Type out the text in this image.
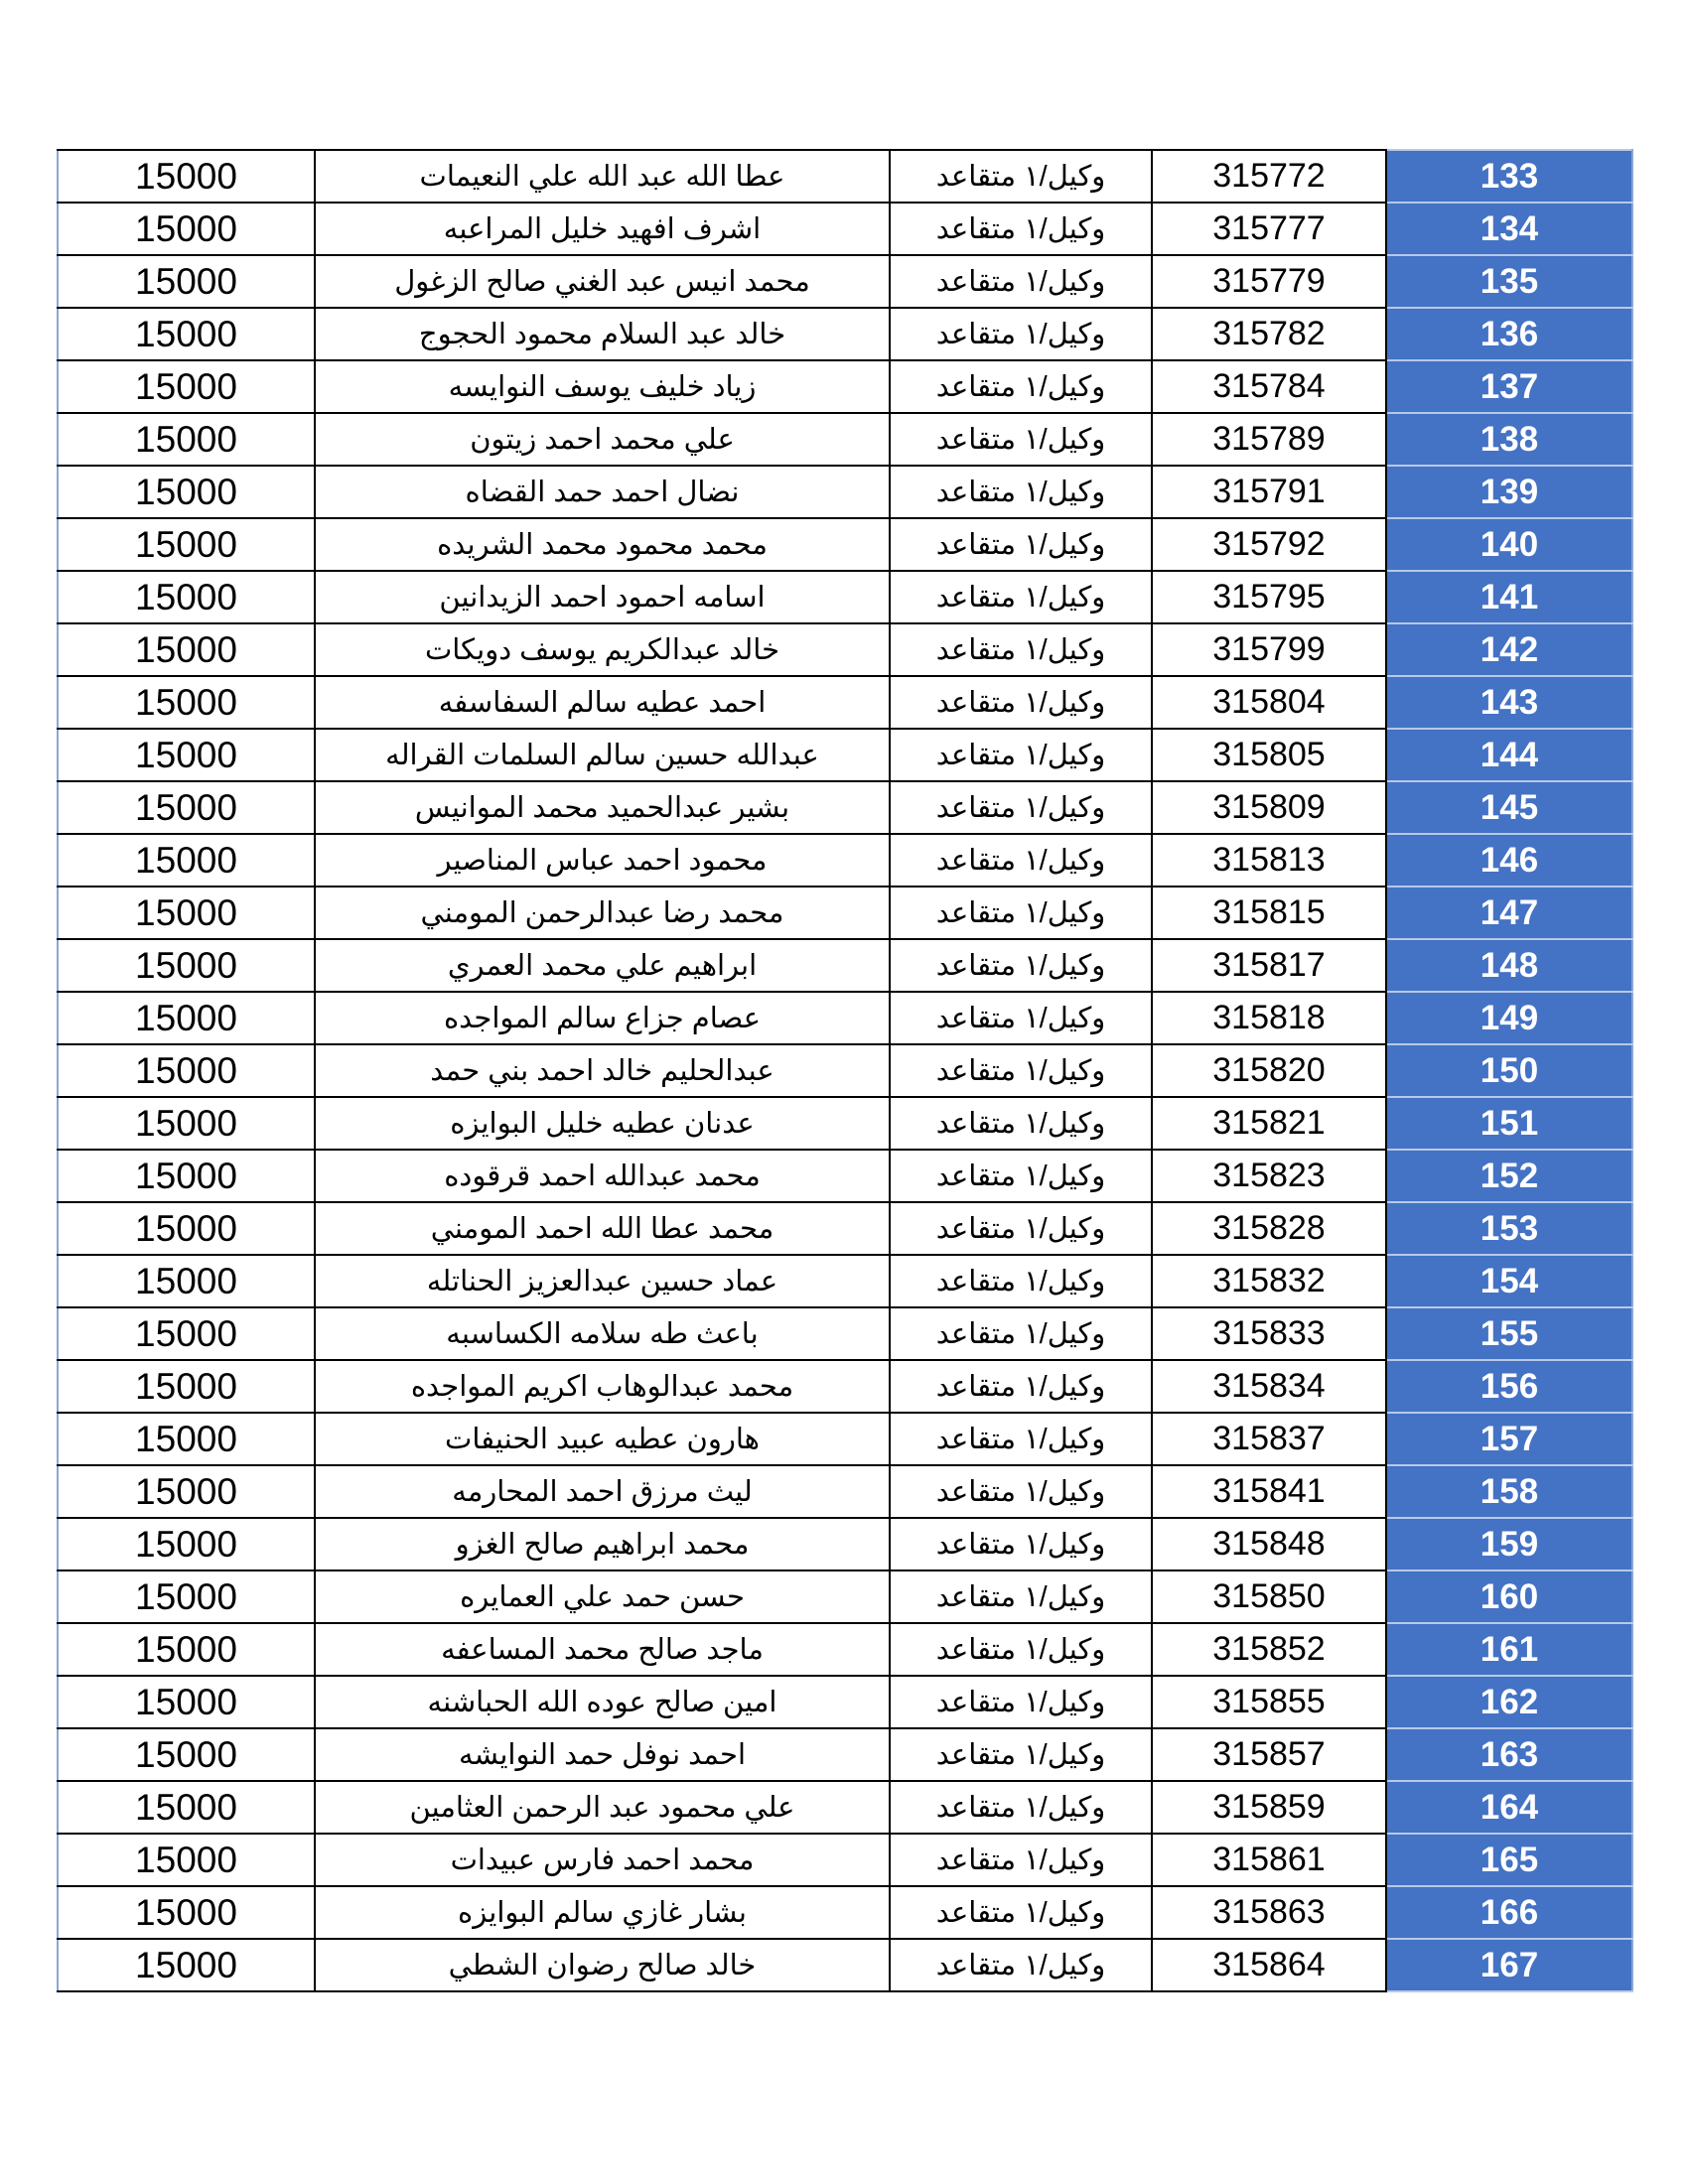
15000	عطا الله عبد الله علي النعيمات	وكيل/١ متقاعد	315772	133
15000	اشرف افهيد خليل المراعبه	وكيل/١ متقاعد	315777	134
15000	محمد انيس عبد الغني صالح الزغول	وكيل/١ متقاعد	315779	135
15000	خالد عبد السلام محمود الحجوج	وكيل/١ متقاعد	315782	136
15000	زياد خليف يوسف النوايسه	وكيل/١ متقاعد	315784	137
15000	علي محمد احمد زيتون	وكيل/١ متقاعد	315789	138
15000	نضال احمد حمد القضاه	وكيل/١ متقاعد	315791	139
15000	محمد محمود محمد الشريده	وكيل/١ متقاعد	315792	140
15000	اسامه احمود احمد الزيدانين	وكيل/١ متقاعد	315795	141
15000	خالد عبدالكريم يوسف دويكات	وكيل/١ متقاعد	315799	142
15000	احمد عطيه سالم السفاسفه	وكيل/١ متقاعد	315804	143
15000	عبدالله حسين سالم السلمات القراله	وكيل/١ متقاعد	315805	144
15000	بشير عبدالحميد محمد الموانيس	وكيل/١ متقاعد	315809	145
15000	محمود احمد عباس المناصير	وكيل/١ متقاعد	315813	146
15000	محمد رضا عبدالرحمن المومني	وكيل/١ متقاعد	315815	147
15000	ابراهيم علي محمد العمري	وكيل/١ متقاعد	315817	148
15000	عصام جزاع سالم المواجده	وكيل/١ متقاعد	315818	149
15000	عبدالحليم خالد احمد بني حمد	وكيل/١ متقاعد	315820	150
15000	عدنان عطيه خليل البوايزه	وكيل/١ متقاعد	315821	151
15000	محمد عبدالله احمد قرقوده	وكيل/١ متقاعد	315823	152
15000	محمد عطا الله احمد المومني	وكيل/١ متقاعد	315828	153
15000	عماد حسين عبدالعزيز الحناتله	وكيل/١ متقاعد	315832	154
15000	باعث طه سلامه الكساسبه	وكيل/١ متقاعد	315833	155
15000	محمد عبدالوهاب اكريم المواجده	وكيل/١ متقاعد	315834	156
15000	هارون عطيه عبيد الحنيفات	وكيل/١ متقاعد	315837	157
15000	ليث مرزق احمد المحارمه	وكيل/١ متقاعد	315841	158
15000	محمد ابراهيم صالح الغزو	وكيل/١ متقاعد	315848	159
15000	حسن حمد علي العمايره	وكيل/١ متقاعد	315850	160
15000	ماجد صالح محمد المساعفه	وكيل/١ متقاعد	315852	161
15000	امين صالح عوده الله الحباشنه	وكيل/١ متقاعد	315855	162
15000	احمد نوفل حمد النوايشه	وكيل/١ متقاعد	315857	163
15000	علي محمود عبد الرحمن العثامين	وكيل/١ متقاعد	315859	164
15000	محمد احمد فارس عبيدات	وكيل/١ متقاعد	315861	165
15000	بشار غازي سالم البوايزه	وكيل/١ متقاعد	315863	166
15000	خالد صالح رضوان الشطي	وكيل/١ متقاعد	315864	167
